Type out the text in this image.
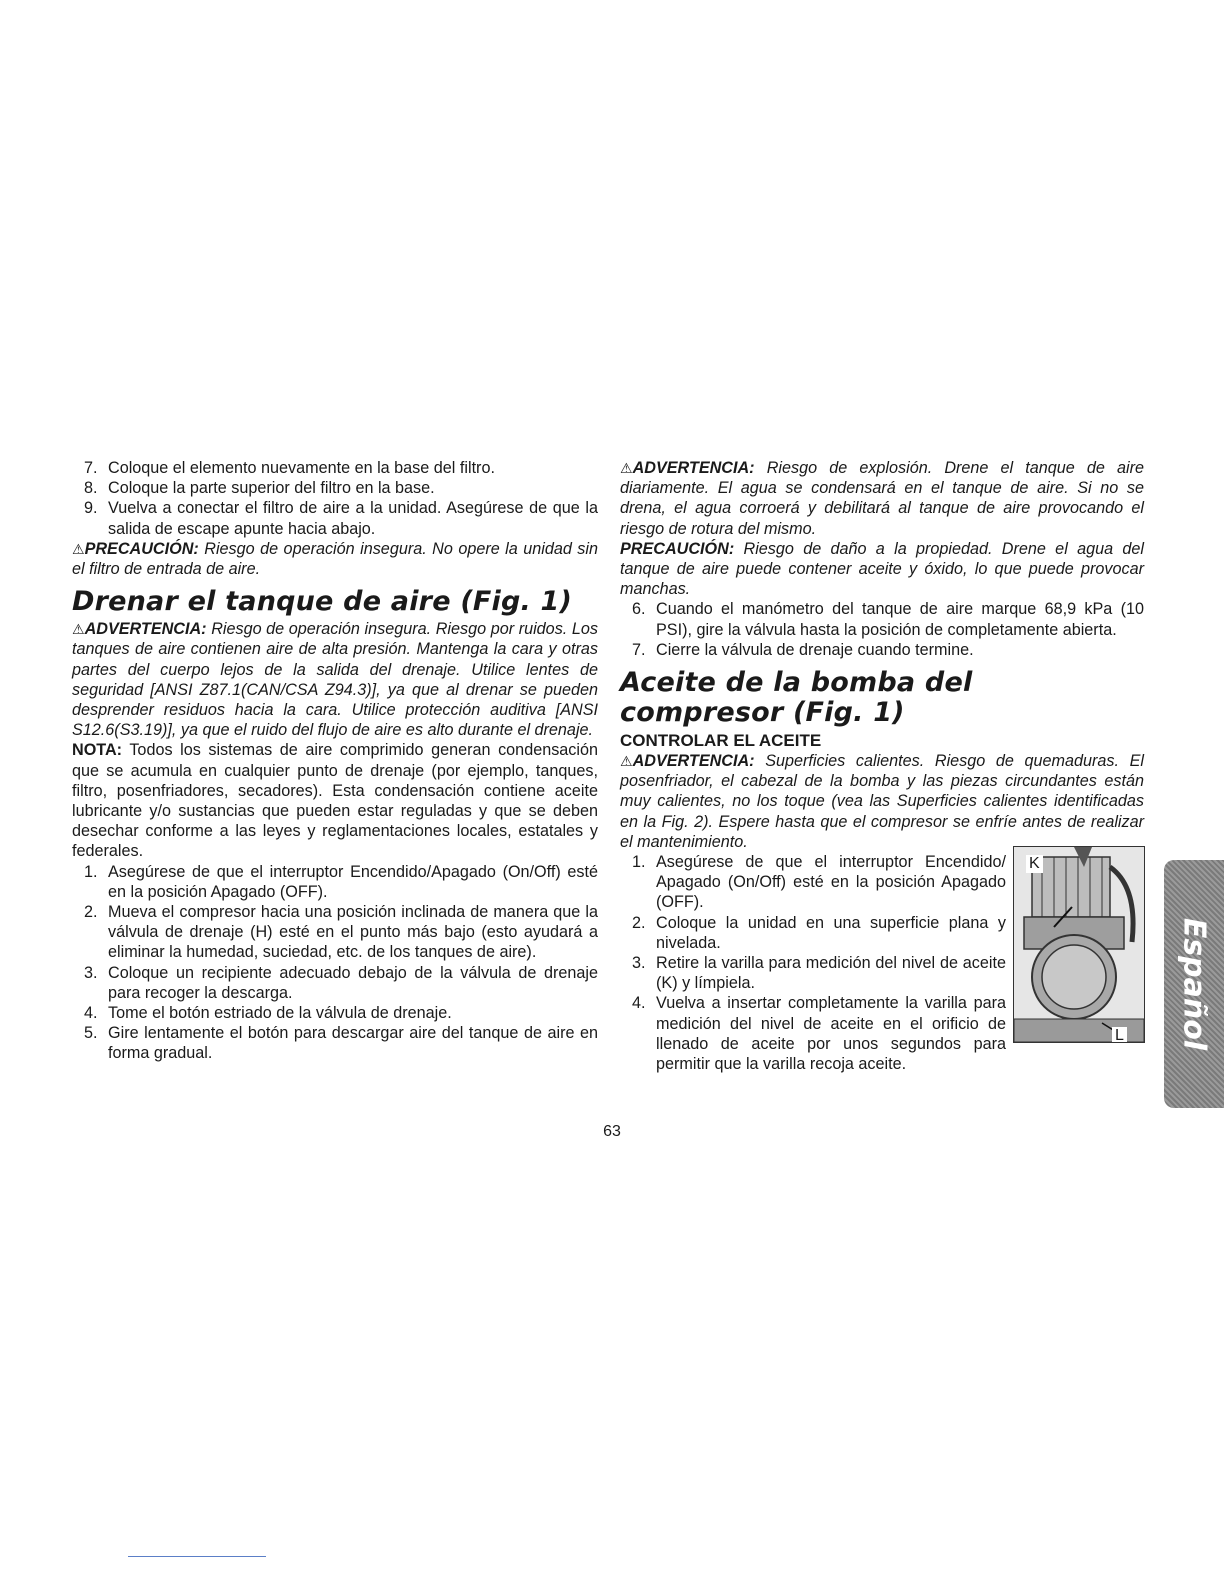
7. Coloque el elemento nuevamente en la base del filtro.
8. Coloque la parte superior del filtro en la base.
9. Vuelva a conectar el filtro de aire a la unidad. Asegúrese de que la salida de escape apunte hacia abajo.

⚠PRECAUCIÓN: Riesgo de operación insegura. No opere la unidad sin el filtro de entrada de aire.

Drenar el tanque de aire (Fig. 1)

⚠ADVERTENCIA: Riesgo de operación insegura. Riesgo por ruidos. Los tanques de aire contienen aire de alta presión. Mantenga la cara y otras partes del cuerpo lejos de la salida del drenaje. Utilice lentes de seguridad [ANSI Z87.1(CAN/CSA Z94.3)], ya que al drenar se pueden desprender residuos hacia la cara. Utilice protección auditiva [ANSI S12.6(S3.19)], ya que el ruido del flujo de aire es alto durante el drenaje.

NOTA: Todos los sistemas de aire comprimido generan condensación que se acumula en cualquier punto de drenaje (por ejemplo, tanques, filtro, posenfriadores, secadores). Esta condensación contiene aceite lubricante y/o sustancias que pueden estar reguladas y que se deben desechar conforme a las leyes y reglamentaciones locales, estatales y federales.

1. Asegúrese de que el interruptor Encendido/Apagado (On/Off) esté en la posición Apagado (OFF).
2. Mueva el compresor hacia una posición inclinada de manera que la válvula de drenaje (H) esté en el punto más bajo (esto ayudará a eliminar la humedad, suciedad, etc. de los tanques de aire).
3. Coloque un recipiente adecuado debajo de la válvula de drenaje para recoger la descarga.
4. Tome el botón estriado de la válvula de drenaje.
5. Gire lentamente el botón para descargar aire del tanque de aire en forma gradual.

⚠ADVERTENCIA: Riesgo de explosión. Drene el tanque de aire diariamente. El agua se condensará en el tanque de aire. Si no se drena, el agua corroerá y debilitará al tanque de aire provocando el riesgo de rotura del mismo.

PRECAUCIÓN: Riesgo de daño a la propiedad. Drene el agua del tanque de aire puede contener aceite y óxido, lo que puede provocar manchas.

6. Cuando el manómetro del tanque de aire marque 68,9 kPa (10 PSI), gire la válvula hasta la posición de completamente abierta.
7. Cierre la válvula de drenaje cuando termine.
Aceite de la bomba del compresor (Fig. 1)
CONTROLAR EL ACEITE

⚠ADVERTENCIA: Superficies calientes. Riesgo de quemaduras. El posenfriador, el cabezal de la bomba y las piezas circundantes están muy calientes, no los toque (vea las Superficies calientes identificadas en la Fig. 2). Espere hasta que el compresor se enfríe antes de realizar el mantenimiento.

1. Asegúrese de que el interruptor Encendido/ Apagado (On/Off) esté en la posición Apagado (OFF).
2. Coloque la unidad en una superficie plana y nivelada.
3. Retire la varilla para medición del nivel de aceite (K) y límpiela.
4. Vuelva a insertar completamente la varilla para medición del nivel de aceite en el orificio de llenado de aceite por unos segundos para permitir que la varilla recoja aceite.
K
L Español
63
